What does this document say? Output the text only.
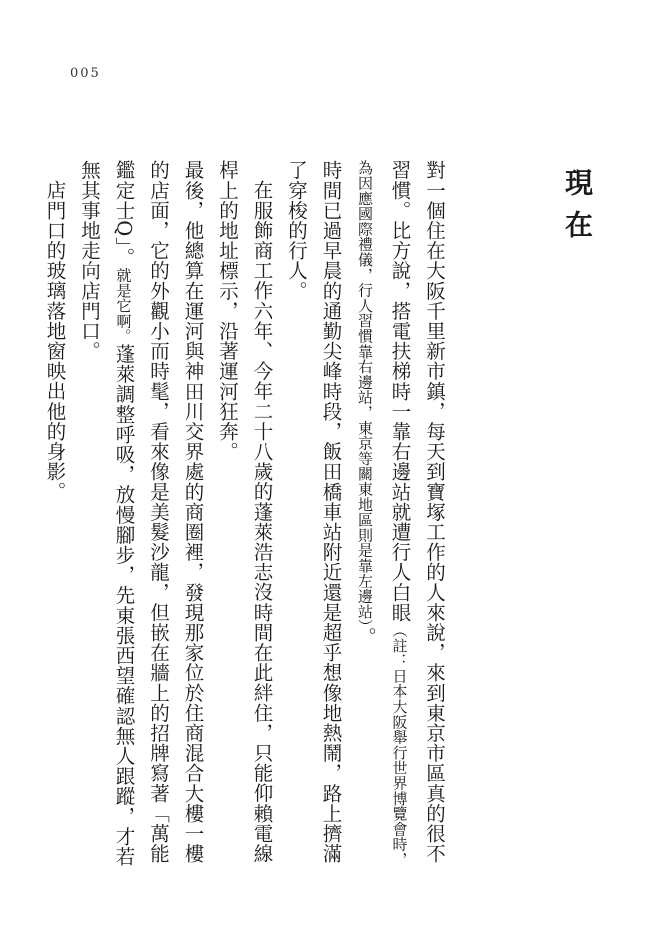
005
現在

對一個住在大阪千里新市鎮，每天到寶塚工作的人來說，來到東京市區真的很不習慣。比方說，搭電扶梯時一靠右邊站就遭行人白眼（註：日本大阪舉行世界博覽會時，為因應國際禮儀，行人習慣靠右邊站，東京等關東地區則是靠左邊站）。

時間已過早晨的通勤尖峰時段，飯田橋車站附近還是超乎想像地熱鬧，路上擠滿了穿梭的行人。

在服飾商工作六年、今年二十八歲的蓬萊浩志沒時間在此絆住，只能仰賴電線桿上的地址標示，沿著運河狂奔。

最後，他總算在運河與神田川交界處的商圈裡，發現那家位於住商混合大樓一樓的店面，它的外觀小而時髦，看來像是美髮沙龍，但嵌在牆上的招牌寫著「萬能鑑定士Q」。就是它啊。蓬萊調整呼吸，放慢腳步，先東張西望確認無人跟蹤，才若無其事地走向店門口。

店門口的玻璃落地窗映出他的身影。
